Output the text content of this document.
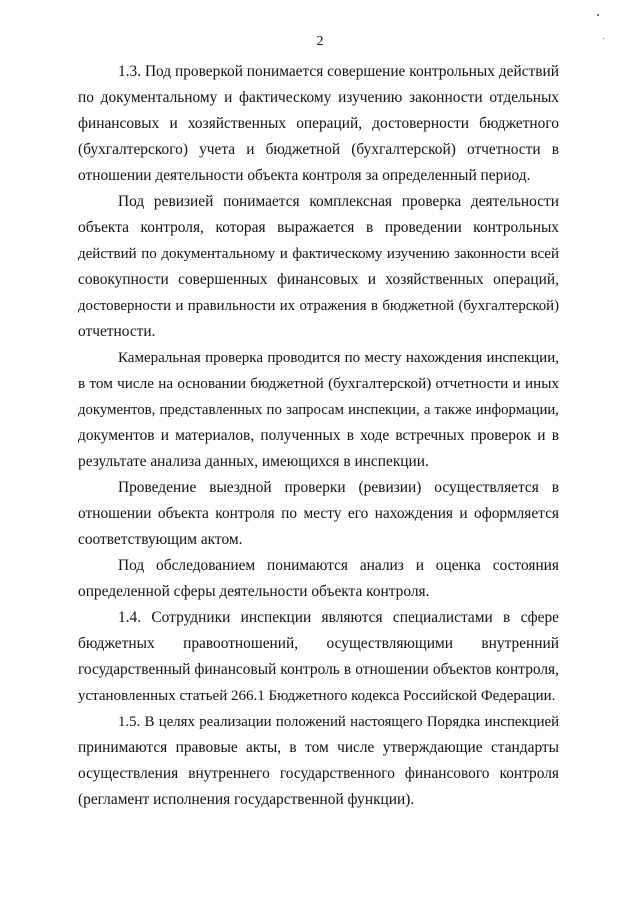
2

1.3. Под проверкой понимается совершение контрольных действий
по документальному и фактическому изучению законности отдельных
финансовых и хозяйственных операций, достоверности бюджетного
(бухгалтерского) учета и бюджетной (бухгалтерской) отчетности в
отношении деятельности объекта контроля за определенный период.

Под ревизией понимается комплексная проверка деятельности
объекта контроля, которая выражается в проведении контрольных
действий по документальному и фактическому изучению законности всей
совокупности совершенных финансовых и хозяйственных операций,
достоверности и правильности их отражения в бюджетной (бухгалтерской)
отчетности.

Камеральная проверка проводится по месту нахождения инспекции,
в том числе на основании бюджетной (бухгалтерской) отчетности и иных
документов, представленных по запросам инспекции, а также информации,
документов и материалов, полученных в ходе встречных проверок и в
результате анализа данных, имеющихся в инспекции.

Проведение выездной проверки (ревизии) осуществляется в
отношении объекта контроля по месту его нахождения и оформляется
соответствующим актом.

Под обследованием понимаются анализ и оценка состояния
определенной сферы деятельности объекта контроля.

1.4. Сотрудники инспекции являются специалистами в сфере
бюджетных правоотношений, осуществляющими внутренний
государственный финансовый контроль в отношении объектов контроля,
установленных статьей 266.1 Бюджетного кодекса Российской Федерации.

1.5. В целях реализации положений настоящего Порядка инспекцией
принимаются правовые акты, в том числе утверждающие стандарты
осуществления внутреннего государственного финансового контроля
(регламент исполнения государственной функции).
